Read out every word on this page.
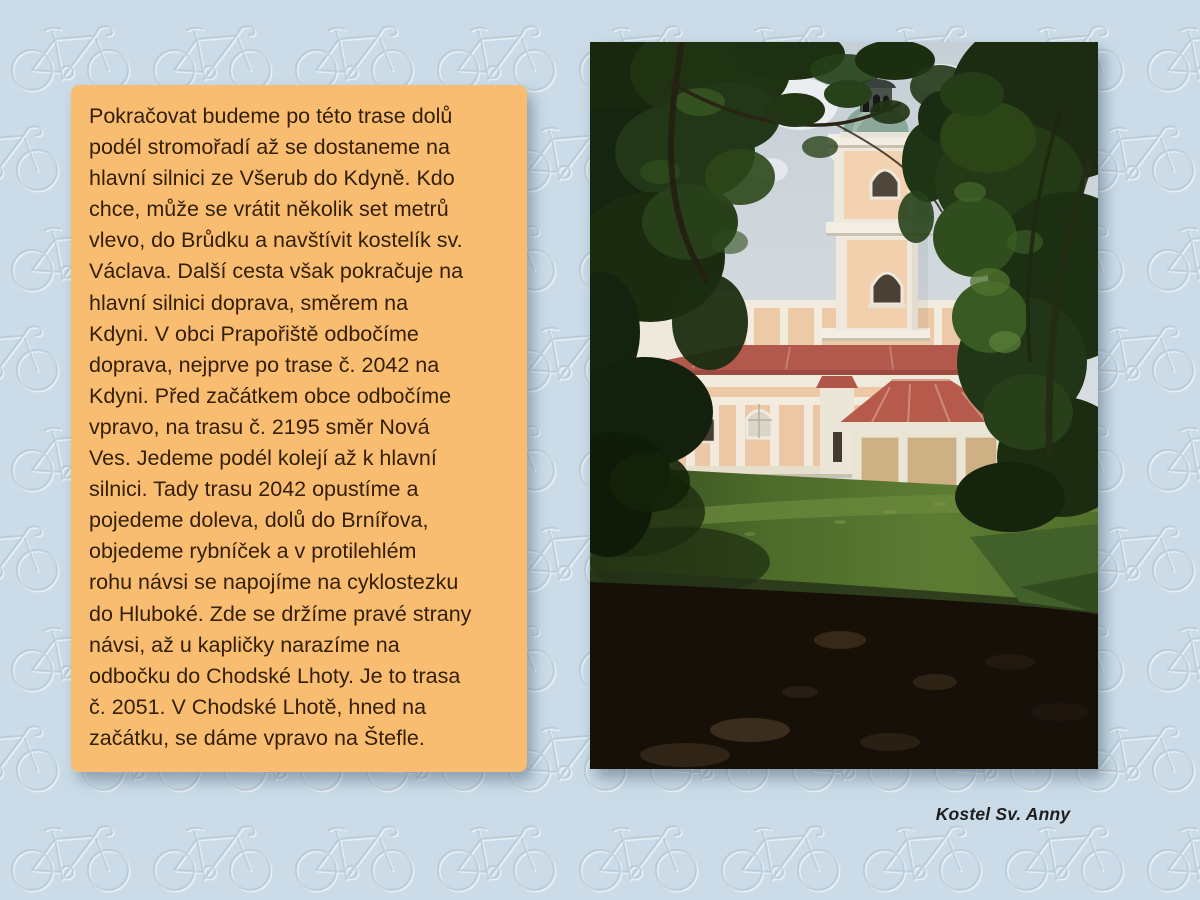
Pokračovat budeme po této trase dolů
podél stromořadí až se dostaneme na
hlavní silnici ze Všerub do Kdyně. Kdo
chce, může se vrátit několik set metrů
vlevo, do Brůdku a navštívit kostelík sv.
Václava. Další cesta však pokračuje na
hlavní silnici doprava, směrem na
Kdyni. V obci Prapořiště odbočíme
doprava, nejprve po trase č. 2042 na
Kdyni. Před začátkem obce odbočíme
vpravo, na trasu č. 2195 směr Nová
Ves. Jedeme podél kolejí až k hlavní
silnici. Tady trasu 2042 opustíme a
pojedeme doleva, dolů do Brnířova,
objedeme rybníček a v protilehlém
rohu návsi se napojíme na cyklostezku
do Hluboké. Zde se držíme pravé strany
návsi, až u kapličky narazíme na
odbočku do Chodské Lhoty. Je to trasa
č. 2051. V Chodské Lhotě, hned na
začátku, se dáme vpravo na Štefle.
Kostel Sv. Anny
